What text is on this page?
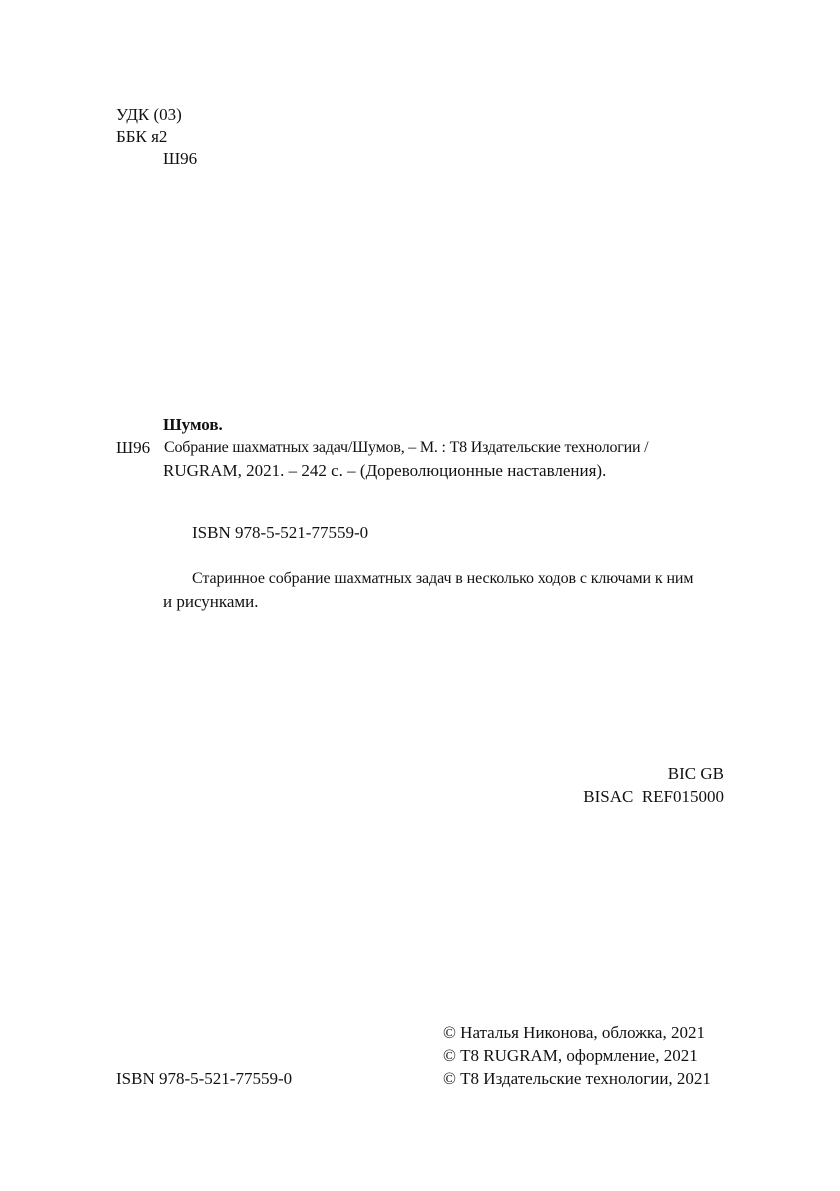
УДК (03)
ББК я2
Ш96
Шумов.
Ш96 Собрание шахматных задач/Шумов, – М. : Т8 Издательские технологии /
RUGRAM, 2021. – 242 с. – (Дореволюционные наставления).
ISBN 978-5-521-77559-0
Старинное собрание шахматных задач в несколько ходов с ключами к ним
и рисунками.
BIC GB
BISAC  REF015000
© Наталья Никонова, обложка, 2021
© Т8 RUGRAM, оформление, 2021
© Т8 Издательские технологии, 2021
ISBN 978-5-521-77559-0
